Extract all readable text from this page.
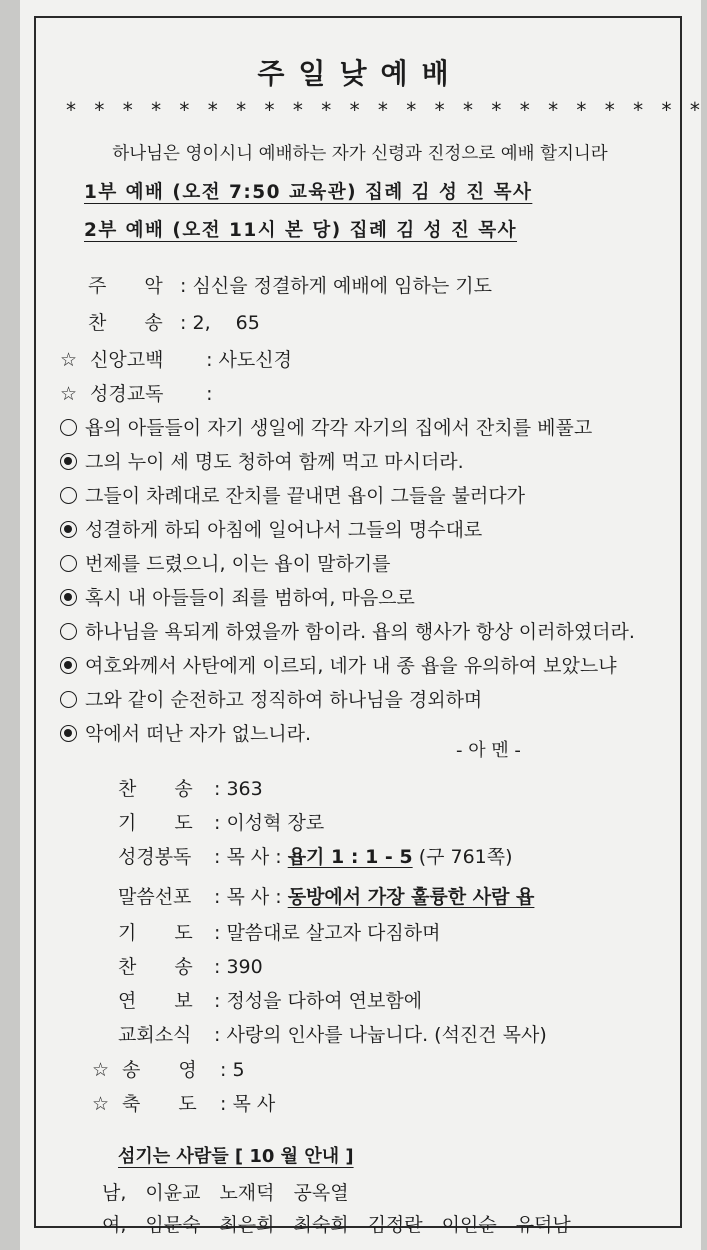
주일낮예배
* * * * * * * * * * * * * * * * * * * * * * *
하나님은 영이시니 예배하는 자가 신령과 진정으로 예배 할지니라
1부 예배 (오전 7:50 교육관) 집례 김 성 진 목사
2부 예배 (오전 11시 본 당) 집례 김 성 진 목사
주　　악 : 심신을 정결하게 예배에 임하는 기도
찬　　송 : 2,　 65
☆ 신앙고백 : 사도신경
☆ 성경교독 :
욥의 아들들이 자기 생일에 각각 자기의 집에서 잔치를 베풀고
그의 누이 세 명도 청하여 함께 먹고 마시더라.
그들이 차례대로 잔치를 끝내면 욥이 그들을 불러다가
성결하게 하되 아침에 일어나서 그들의 명수대로
번제를 드렸으니, 이는 욥이 말하기를
혹시 내 아들들이 죄를 범하여, 마음으로
하나님을 욕되게 하였을까 함이라. 욥의 행사가 항상 이러하였더라.
여호와께서 사탄에게 이르되, 네가 내 종 욥을 유의하여 보았느냐
그와 같이 순전하고 정직하여 하나님을 경외하며
악에서 떠난 자가 없느니라.
- 아 멘 -
찬　　송 : 363
기　　도 : 이성혁 장로
성경봉독 : 목 사 : 욥기 1 : 1 - 5 (구 761쪽)
말씀선포 : 목 사 : 동방에서 가장 훌륭한 사람 욥
기　　도 : 말씀대로 살고자 다짐하며
찬　　송 : 390
연　　보 : 정성을 다하여 연보함에
교회소식 : 사랑의 인사를 나눕니다. (석진건 목사)
☆ 송　　영 : 5
☆ 축　　도 : 목 사
섬기는 사람들 [ 10 월 안내 ]
남,　이윤교　노재덕　공옥열
여,　임문숙　최은희　최숙희　김정란　이인순　유덕남
